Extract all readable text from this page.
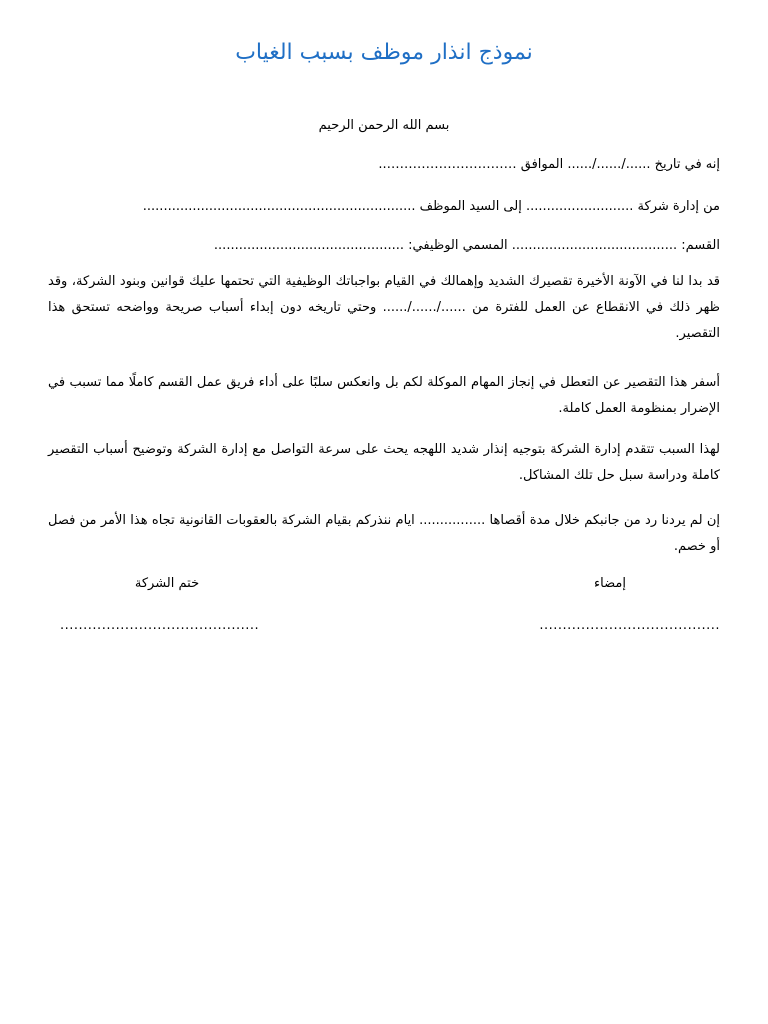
نموذج انذار موظف بسبب الغياب
بسم الله الرحمن الرحيم
إنه في تاريخ ....../....../...... الموافق …………………………..
من إدارة شركة .......................... إلى السيد الموظف ..................................................................
القسم: ........................................ المسمي الوظيفي: ..............................................
قد بدا لنا في الآونة الأخيرة تقصيرك الشديد وإهمالك في القيام بواجباتك الوظيفية التي تحتمها عليك قوانين وبنود الشركة، وقد ظهر ذلك في الانقطاع عن العمل للفترة من ....../....../...... وحتي تاريخه دون إبداء أسباب صريحة وواضحه تستحق هذا التقصير.
أسفر هذا التقصير عن التعطل في إنجاز المهام الموكلة لكم بل وانعكس سلبًا على أداء فريق عمل القسم كاملًا مما تسبب في الإضرار بمنظومة العمل كاملة.
لهذا السبب تتقدم إدارة الشركة بتوجيه إنذار شديد اللهجه يحث على سرعة التواصل مع إدارة الشركة وتوضيح أسباب التقصير كاملة ودراسة سبل حل تلك المشاكل.
إن لم يردنا رد من جانبكم خلال مدة أقصاها ................ ايام ننذركم بقيام الشركة بالعقوبات القانونية تجاه هذا الأمر من فصل أو خصم.
إمضاء
ختم الشركة
.......................................
...........................................
